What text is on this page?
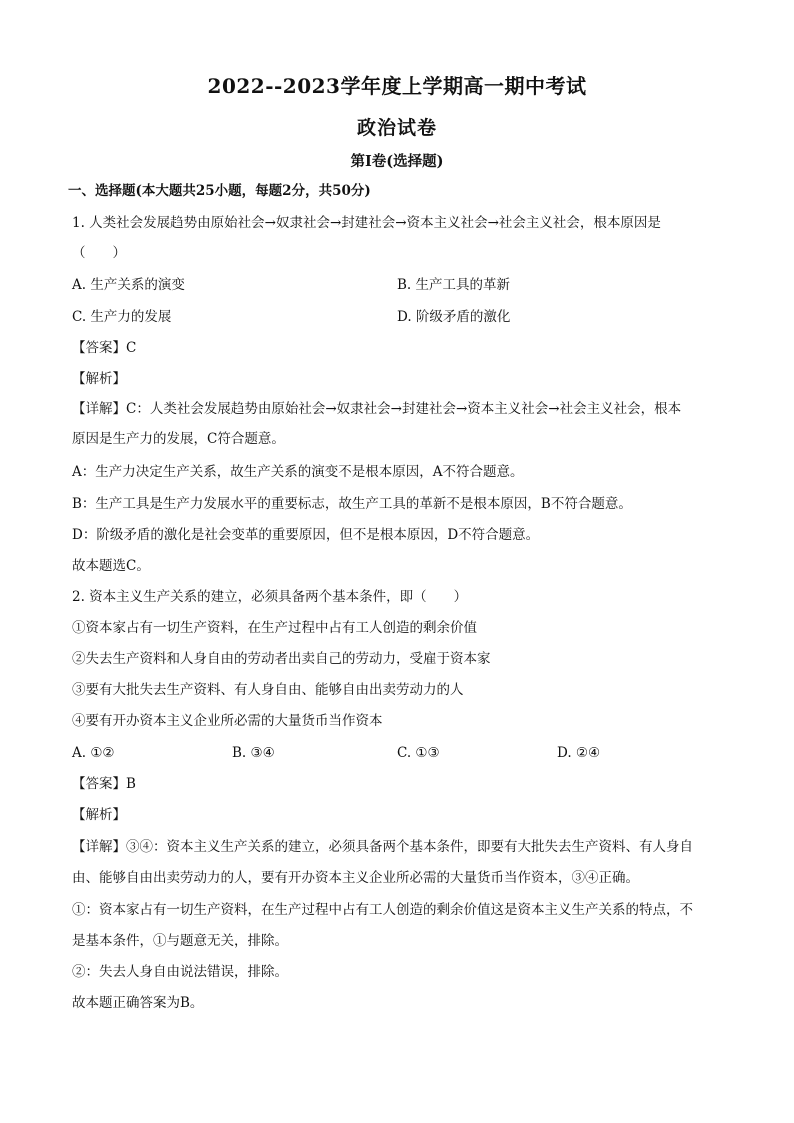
2022--2023学年度上学期高一期中考试
政治试卷
第Ⅰ卷(选择题)
一、选择题(本大题共25小题，每题2分，共50分)
1. 人类社会发展趋势由原始社会→奴隶社会→封建社会→资本主义社会→社会主义社会，根本原因是
（　　）
A. 生产关系的演变	B. 生产工具的革新
C. 生产力的发展	D. 阶级矛盾的激化
【答案】C
【解析】
【详解】C：人类社会发展趋势由原始社会→奴隶社会→封建社会→资本主义社会→社会主义社会，根本
原因是生产力的发展，C符合题意。
A：生产力决定生产关系，故生产关系的演变不是根本原因，A不符合题意。
B：生产工具是生产力发展水平的重要标志，故生产工具的革新不是根本原因，B不符合题意。
D：阶级矛盾的激化是社会变革的重要原因，但不是根本原因，D不符合题意。
故本题选C。
2. 资本主义生产关系的建立，必须具备两个基本条件，即（　　）
①资本家占有一切生产资料，在生产过程中占有工人创造的剩余价值
②失去生产资料和人身自由的劳动者出卖自己的劳动力，受雇于资本家
③要有大批失去生产资料、有人身自由、能够自由出卖劳动力的人
④要有开办资本主义企业所必需的大量货币当作资本
A. ①②	B. ③④	C. ①③	D. ②④
【答案】B
【解析】
【详解】③④：资本主义生产关系的建立，必须具备两个基本条件，即要有大批失去生产资料、有人身自
由、能够自由出卖劳动力的人，要有开办资本主义企业所必需的大量货币当作资本，③④正确。
①：资本家占有一切生产资料，在生产过程中占有工人创造的剩余价值这是资本主义生产关系的特点，不
是基本条件，①与题意无关，排除。
②：失去人身自由说法错误，排除。
故本题正确答案为B。
